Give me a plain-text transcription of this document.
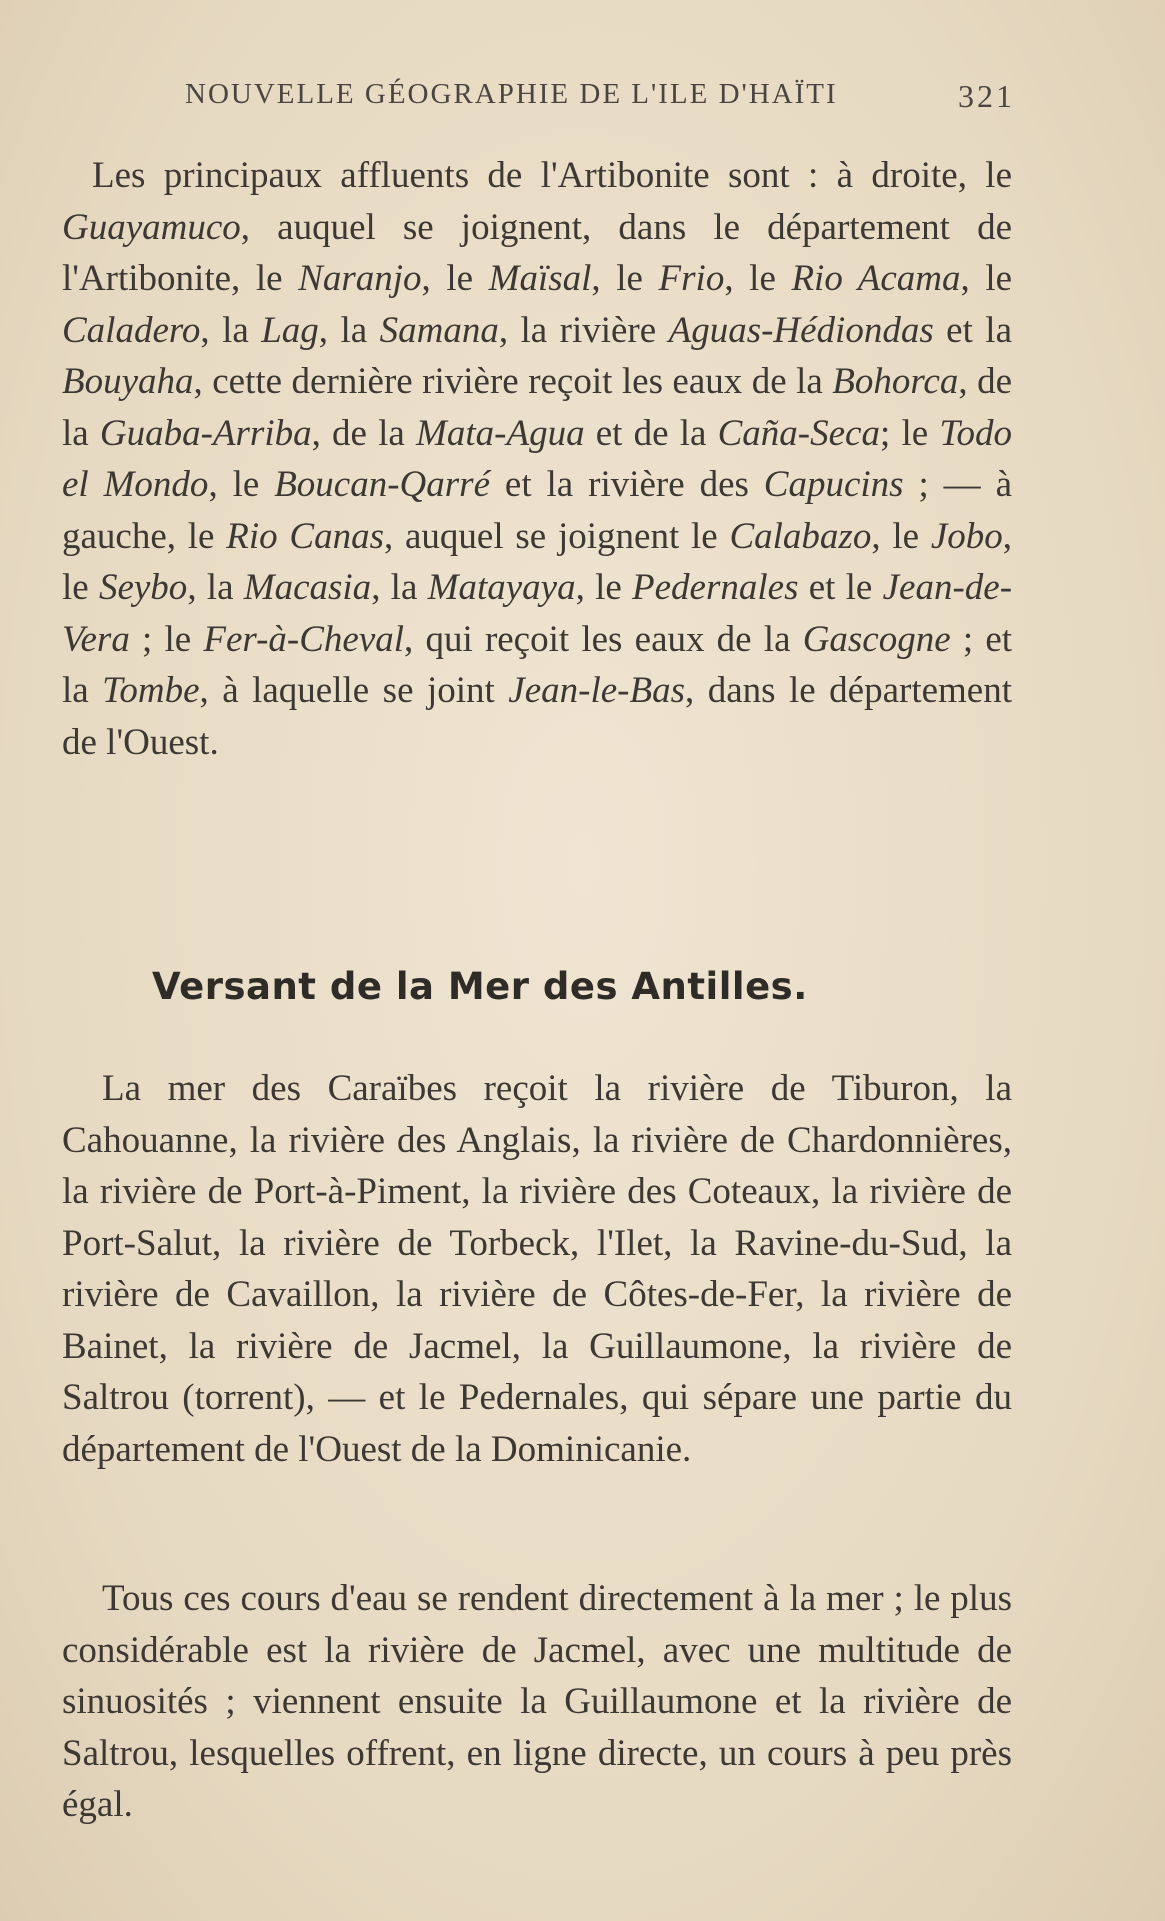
NOUVELLE GÉOGRAPHIE DE L'ILE D'HAÏTI	321

Les principaux affluents de l'Artibonite sont : à droite, le Guayamuco, auquel se joignent, dans le département de l'Artibonite, le Naranjo, le Maïsal, le Frio, le Rio Acama, le Caladero, la Lag, la Samana, la rivière Aguas-Hédiondas et la Bouyaha, cette dernière rivière reçoit les eaux de la Bohorca, de la Guaba-Arriba, de la Mata-Agua et de la Caña-Seca; le Todo el Mondo, le Boucan-Qarré et la rivière des Capucins ; — à gauche, le Rio Canas, auquel se joignent le Calabazo, le Jobo, le Seybo, la Macasia, la Matayaya, le Pedernales et le Jean-de-Vera ; le Fer-à-Cheval, qui reçoit les eaux de la Gascogne ; et la Tombe, à laquelle se joint Jean-le-Bas, dans le département de l'Ouest.

Versant de la Mer des Antilles.

La mer des Caraïbes reçoit la rivière de Tiburon, la Cahouanne, la rivière des Anglais, la rivière de Chardonnières, la rivière de Port-à-Piment, la rivière des Coteaux, la rivière de Port-Salut, la rivière de Torbeck, l'Ilet, la Ravine-du-Sud, la rivière de Cavaillon, la rivière de Côtes-de-Fer, la rivière de Bainet, la rivière de Jacmel, la Guillaumone, la rivière de Saltrou (torrent), — et le Pedernales, qui sépare une partie du département de l'Ouest de la Dominicanie.

Tous ces cours d'eau se rendent directement à la mer ; le plus considérable est la rivière de Jacmel, avec une multitude de sinuosités ; viennent ensuite la Guillaumone et la rivière de Saltrou, lesquelles offrent, en ligne directe, un cours à peu près égal.
